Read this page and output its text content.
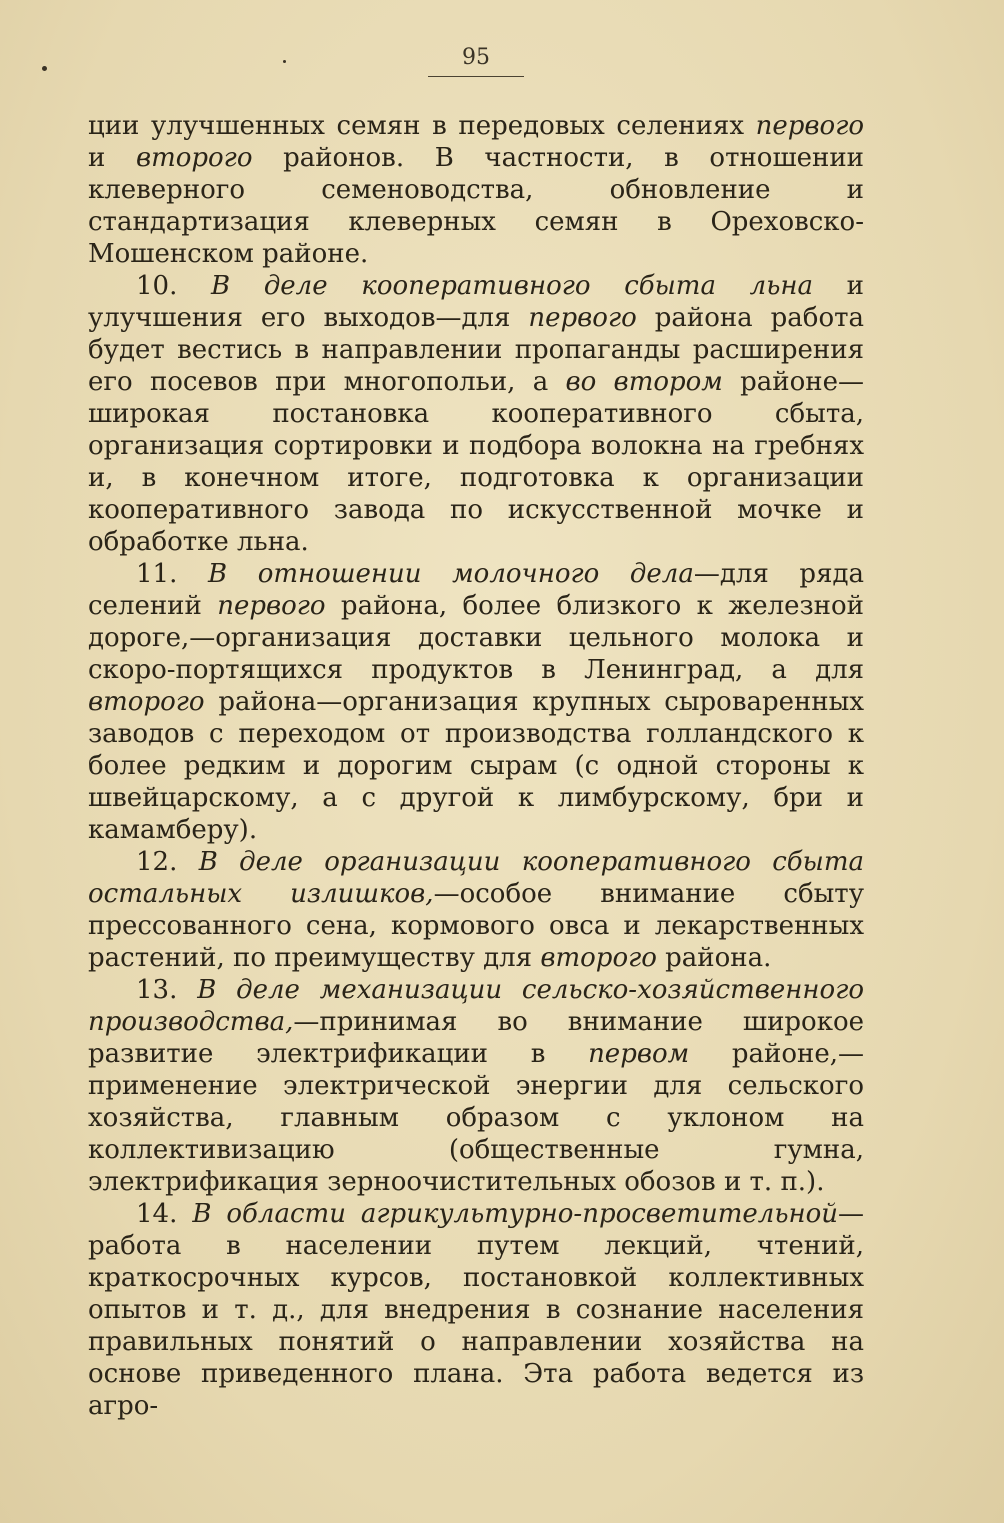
95

ции улучшенных семян в передовых селениях первого и второго районов. В частности, в отношении клеверного семеноводства, обновление и стандартизация клеверных семян в Ореховско-Мошенском районе.

10. В деле кооперативного сбыта льна и улучшения его выходов—для первого района работа будет вестись в направлении пропаганды расширения его посевов при многопольи, а во втором районе—широкая постановка кооперативного сбыта, организация сортировки и подбора волокна на гребнях и, в конечном итоге, подготовка к организации кооперативного завода по искусственной мочке и обработке льна.

11. В отношении молочного дела—для ряда селений первого района, более близкого к железной дороге,—организация доставки цельного молока и скоро-портящихся продуктов в Ленинград, а для второго района—организация крупных сыроваренных заводов с переходом от производства голландского к более редким и дорогим сырам (с одной стороны к швейцарскому, а с другой к лимбурскому, бри и камамберу).

12. В деле организации кооперативного сбыта остальных излишков,—особое внимание сбыту прессованного сена, кормового овса и лекарственных растений, по преимуществу для второго района.

13. В деле механизации сельско-хозяйственного производства,—принимая во внимание широкое развитие электрификации в первом районе,—применение электрической энергии для сельского хозяйства, главным образом с уклоном на коллективизацию (общественные гумна, электрификация зерноочистительных обозов и т. п.).

14. В области агрикультурно-просветительной—работа в населении путем лекций, чтений, краткосрочных курсов, постановкой коллективных опытов и т. д., для внедрения в сознание населения правильных понятий о направлении хозяйства на основе приведенного плана. Эта работа ведется из агро-
